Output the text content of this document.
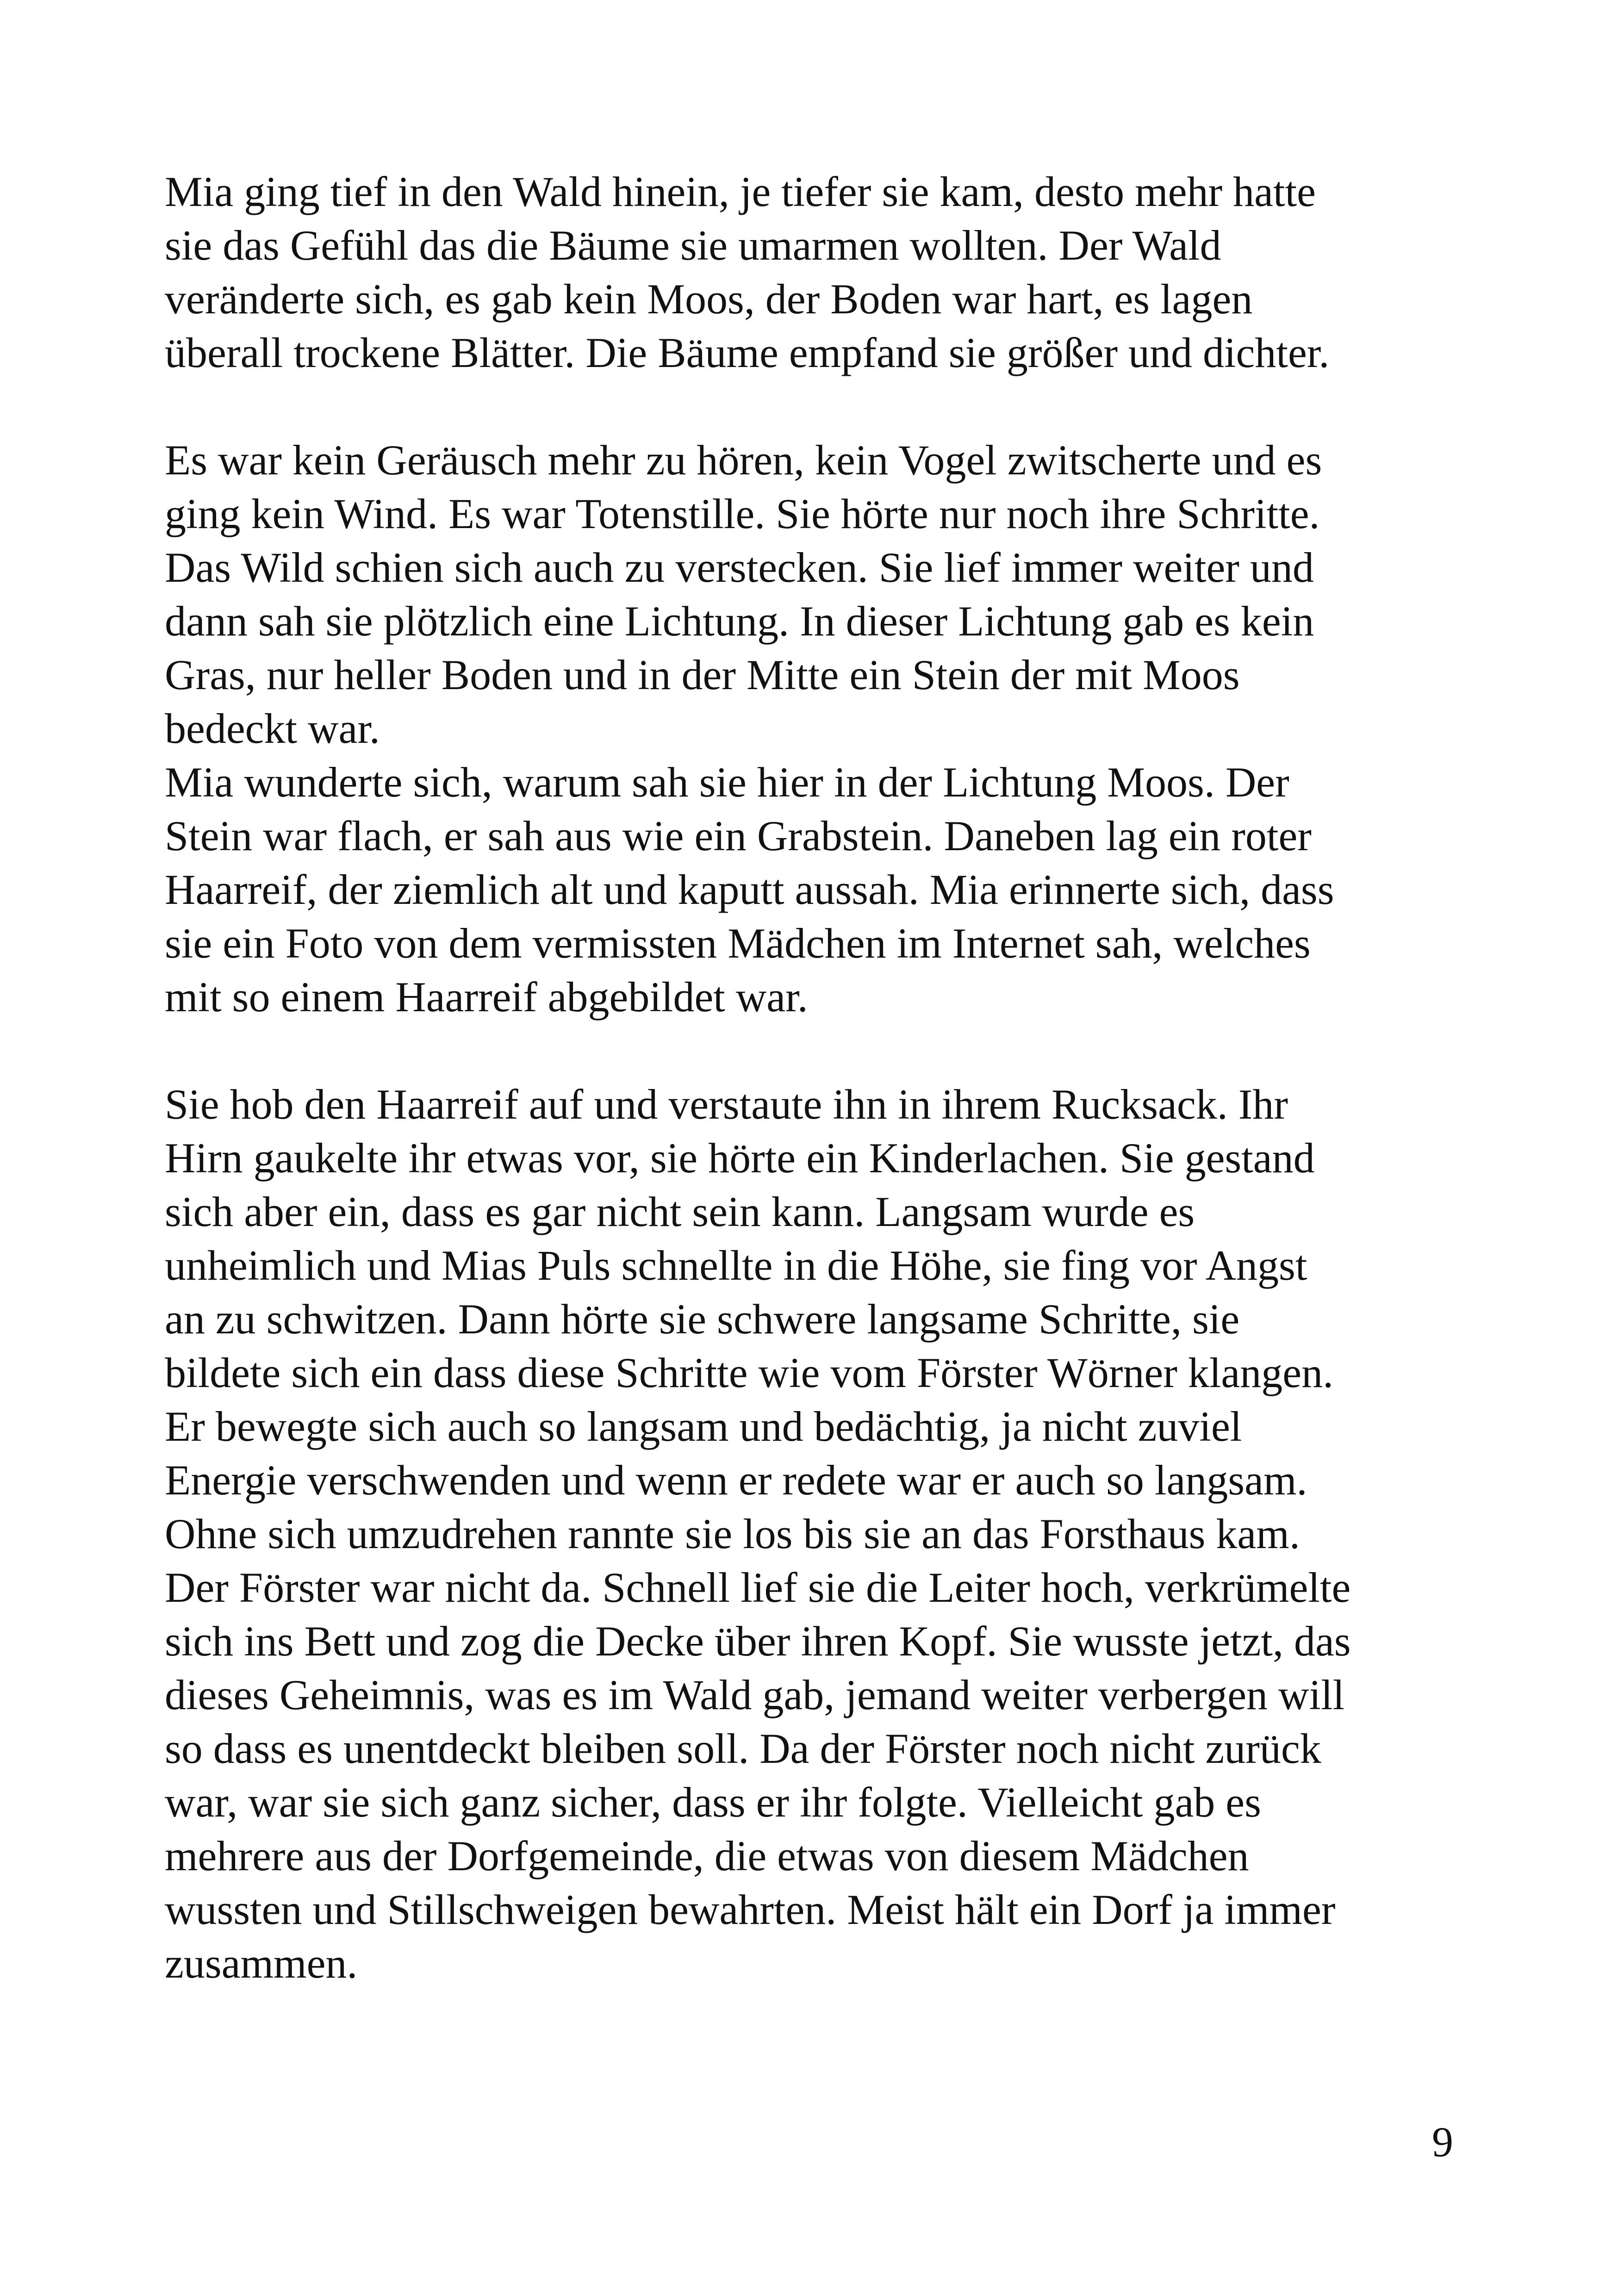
Mia ging tief in den Wald hinein, je tiefer sie kam, desto mehr hatte
sie das Gefühl das die Bäume sie umarmen wollten. Der Wald
veränderte sich, es gab kein Moos, der Boden war hart, es lagen
überall trockene Blätter. Die Bäume empfand sie größer und dichter.
Es war kein Geräusch mehr zu hören, kein Vogel zwitscherte und es
ging kein Wind. Es war Totenstille. Sie hörte nur noch ihre Schritte.
Das Wild schien sich auch zu verstecken. Sie lief immer weiter und
dann sah sie plötzlich eine Lichtung. In dieser Lichtung gab es kein
Gras, nur heller Boden und in der Mitte ein Stein der mit Moos
bedeckt war.
Mia wunderte sich, warum sah sie hier in der Lichtung Moos. Der
Stein war flach, er sah aus wie ein Grabstein. Daneben lag ein roter
Haarreif, der ziemlich alt und kaputt aussah. Mia erinnerte sich, dass
sie ein Foto von dem vermissten Mädchen im Internet sah, welches
mit so einem Haarreif abgebildet war.
Sie hob den Haarreif auf und verstaute ihn in ihrem Rucksack. Ihr
Hirn gaukelte ihr etwas vor, sie hörte ein Kinderlachen. Sie gestand
sich aber ein, dass es gar nicht sein kann. Langsam wurde es
unheimlich und Mias Puls schnellte in die Höhe, sie fing vor Angst
an zu schwitzen. Dann hörte sie schwere langsame Schritte, sie
bildete sich ein dass diese Schritte wie vom Förster Wörner klangen.
Er bewegte sich auch so langsam und bedächtig, ja nicht zuviel
Energie verschwenden und wenn er redete war er auch so langsam.
Ohne sich umzudrehen rannte sie los bis sie an das Forsthaus kam.
Der Förster war nicht da. Schnell lief sie die Leiter hoch, verkrümelte
sich ins Bett und zog die Decke über ihren Kopf. Sie wusste jetzt, das
dieses Geheimnis, was es im Wald gab, jemand weiter verbergen will
so dass es unentdeckt bleiben soll. Da der Förster noch nicht zurück
war, war sie sich ganz sicher, dass er ihr folgte. Vielleicht gab es
mehrere aus der Dorfgemeinde, die etwas von diesem Mädchen
wussten und Stillschweigen bewahrten. Meist hält ein Dorf ja immer
zusammen.
9
